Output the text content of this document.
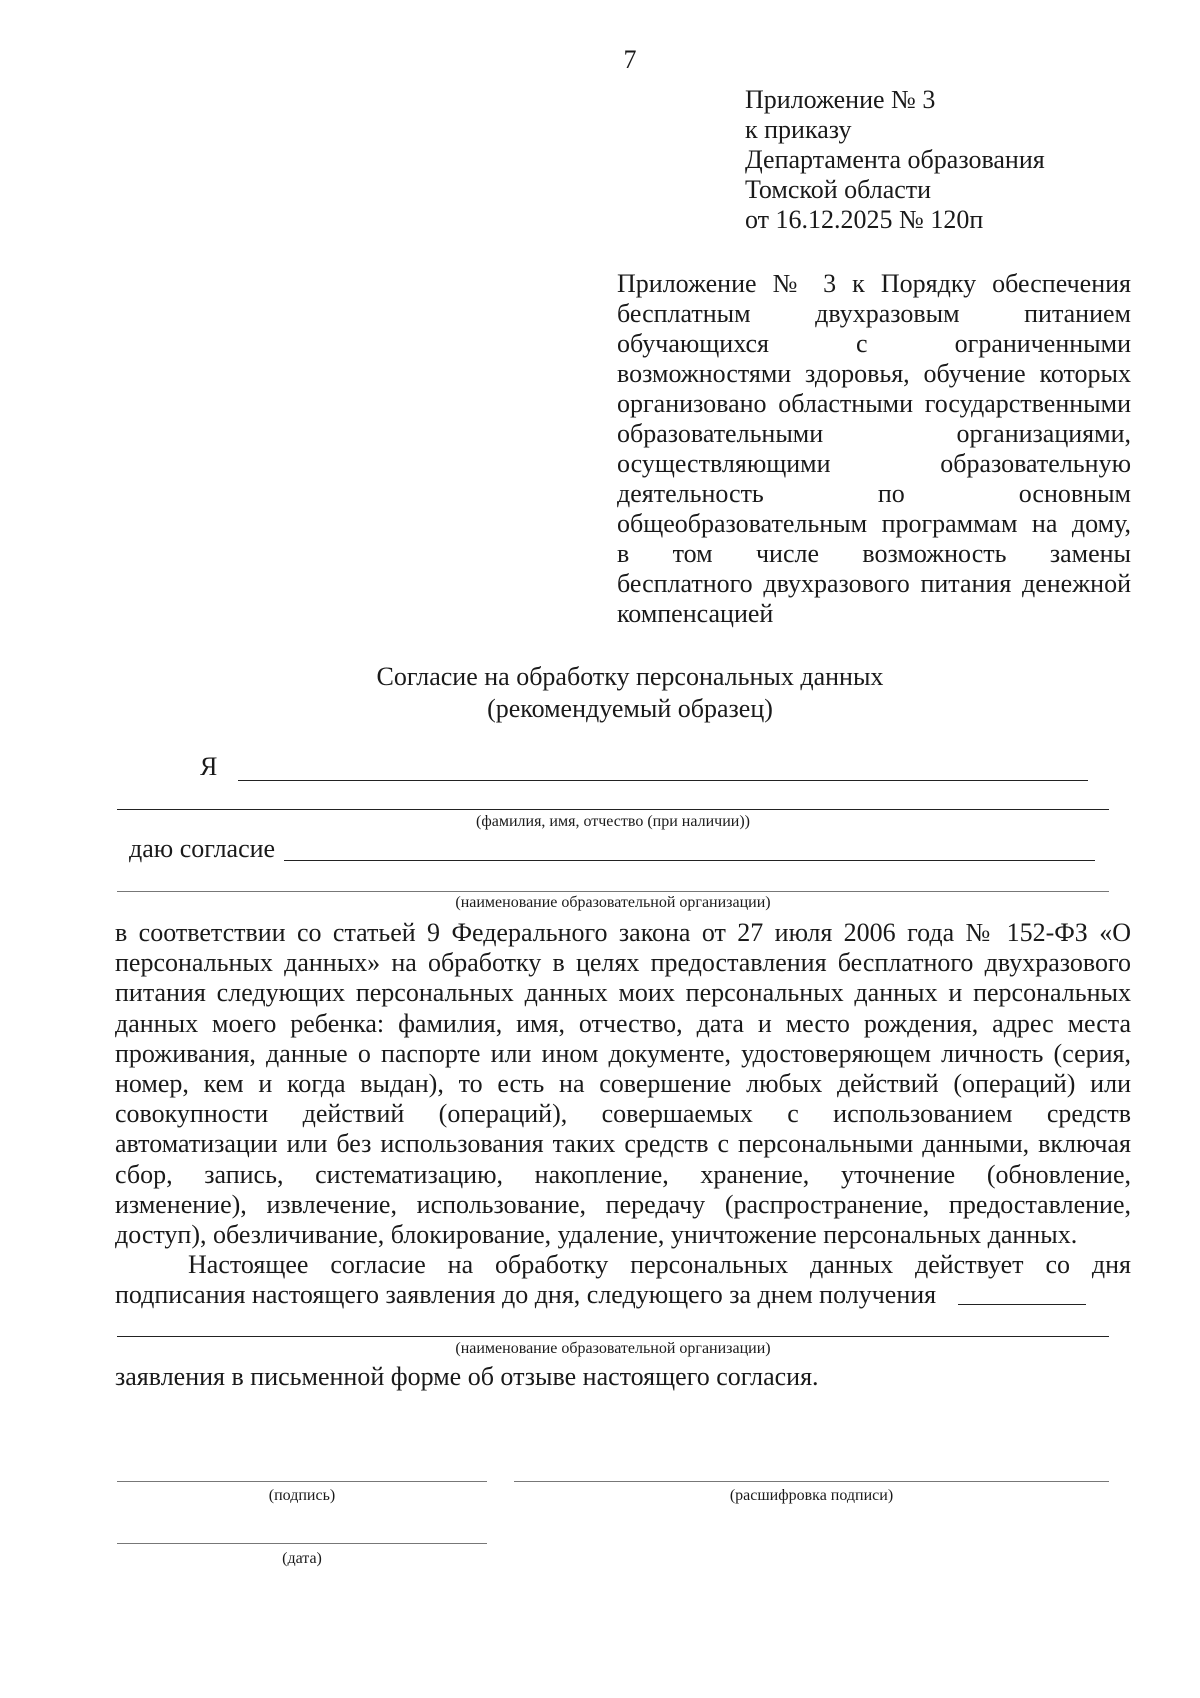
7
Приложение № 3
к приказу
Департамента образования
Томской области
от 16.12.2025 № 120п
Приложение № 3 к Порядку обеспечения
бесплатным двухразовым питанием
обучающихся с ограниченными
возможностями здоровья, обучение которых
организовано областными государственными
образовательными организациями,
осуществляющими образовательную
деятельность по основным
общеобразовательным программам на дому,
в том числе возможность замены
бесплатного двухразового питания денежной
компенсацией
Согласие на обработку персональных данных
(рекомендуемый образец)
Я
(фамилия, имя, отчество (при наличии))
даю согласие
(наименование образовательной организации)
в соответствии со статьей 9 Федерального закона от 27 июля 2006 года № 152-ФЗ «О
персональных данных» на обработку в целях предоставления бесплатного двухразового
питания следующих персональных данных моих персональных данных и персональных
данных моего ребенка: фамилия, имя, отчество, дата и место рождения, адрес места
проживания, данные о паспорте или ином документе, удостоверяющем личность (серия,
номер, кем и когда выдан), то есть на совершение любых действий (операций) или
совокупности действий (операций), совершаемых с использованием средств
автоматизации или без использования таких средств с персональными данными, включая
сбор, запись, систематизацию, накопление, хранение, уточнение (обновление,
изменение), извлечение, использование, передачу (распространение, предоставление,
доступ), обезличивание, блокирование, удаление, уничтожение персональных данных.
Настоящее согласие на обработку персональных данных действует со дня
подписания настоящего заявления до дня, следующего за днем получения
(наименование образовательной организации)
заявления в письменной форме об отзыве настоящего согласия.
(подпись)	(расшифровка подписи)
(дата)
